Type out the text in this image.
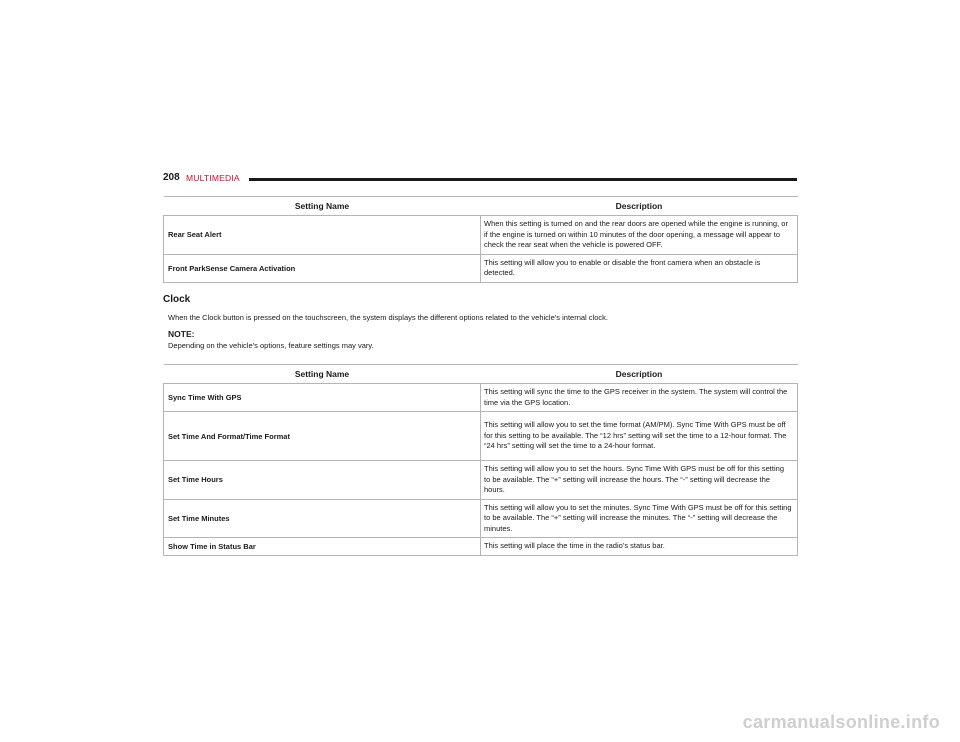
208 MULTIMEDIA
Setting Name	Description
Rear Seat Alert	When this setting is turned on and the rear doors are opened while the engine is running, or if the engine is turned on within 10 minutes of the door opening, a message will appear to check the rear seat when the vehicle is powered OFF.
Front ParkSense Camera Activation	This setting will allow you to enable or disable the front camera when an obstacle is detected.
Clock
When the Clock button is pressed on the touchscreen, the system displays the different options related to the vehicle’s internal clock.
NOTE:
Depending on the vehicle’s options, feature settings may vary.
Setting Name	Description
Sync Time With GPS	This setting will sync the time to the GPS receiver in the system. The system will control the time via the GPS location.
Set Time And Format/Time Format	This setting will allow you to set the time format (AM/PM). Sync Time With GPS must be off for this setting to be available. The “12 hrs” setting will set the time to a 12-hour format. The “24 hrs” setting will set the time to a 24-hour format.
Set Time Hours	This setting will allow you to set the hours. Sync Time With GPS must be off for this setting to be available. The “+” setting will increase the hours. The “-” setting will decrease the hours.
Set Time Minutes	This setting will allow you to set the minutes. Sync Time With GPS must be off for this setting to be available. The “+” setting will increase the minutes. The “-” setting will decrease the minutes.
Show Time in Status Bar	This setting will place the time in the radio’s status bar.
carmanualsonline.info
